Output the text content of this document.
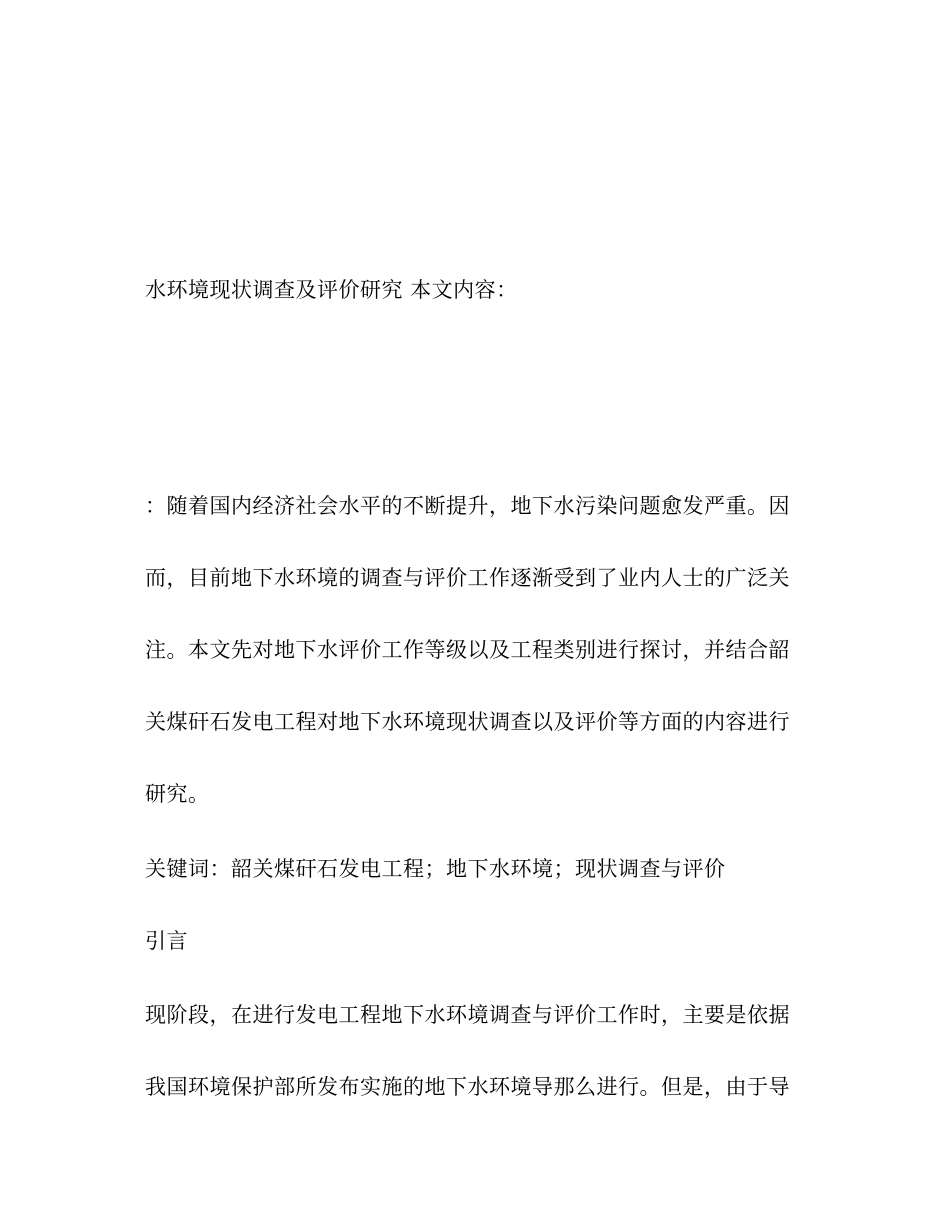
水环境现状调查及评价研究 本文内容：
：随着国内经济社会水平的不断提升，地下水污染问题愈发严重。因
而，目前地下水环境的调查与评价工作逐渐受到了业内人士的广泛关
注。本文先对地下水评价工作等级以及工程类别进行探讨，并结合韶
关煤矸石发电工程对地下水环境现状调查以及评价等方面的内容进行
研究。
关键词：韶关煤矸石发电工程；地下水环境；现状调查与评价
引言
现阶段，在进行发电工程地下水环境调查与评价工作时，主要是依据
我国环境保护部所发布实施的地下水环境导那么进行。但是，由于导
